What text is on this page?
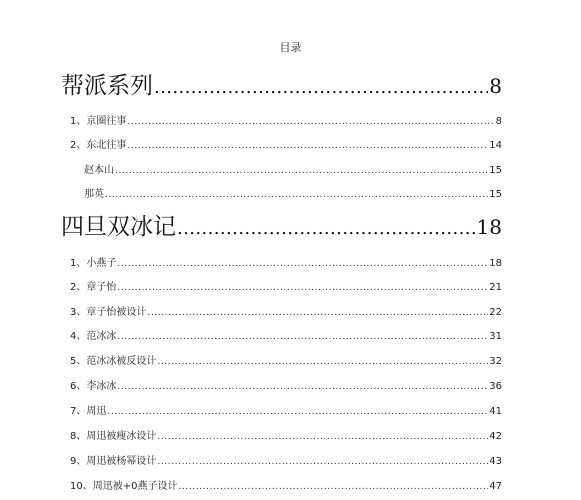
目录
帮派系列 .....	8
1、京圈往事 .....	8
2、东北往事 .....	14
赵本山 .....	15
那英 .....	15
四旦双冰记 .....	18
1、小燕子 .....	18
2、章子怡 .....	21
3、章子怡被设计 .....	22
4、范冰冰 .....	31
5、范冰冰被反设计 .....	32
6、李冰冰 .....	36
7、周迅 .....	41
8、周迅被瘦冰设计 .....	42
9、周迅被杨幂设计 .....	43
10、周迅被+0燕子设计 .....	47
